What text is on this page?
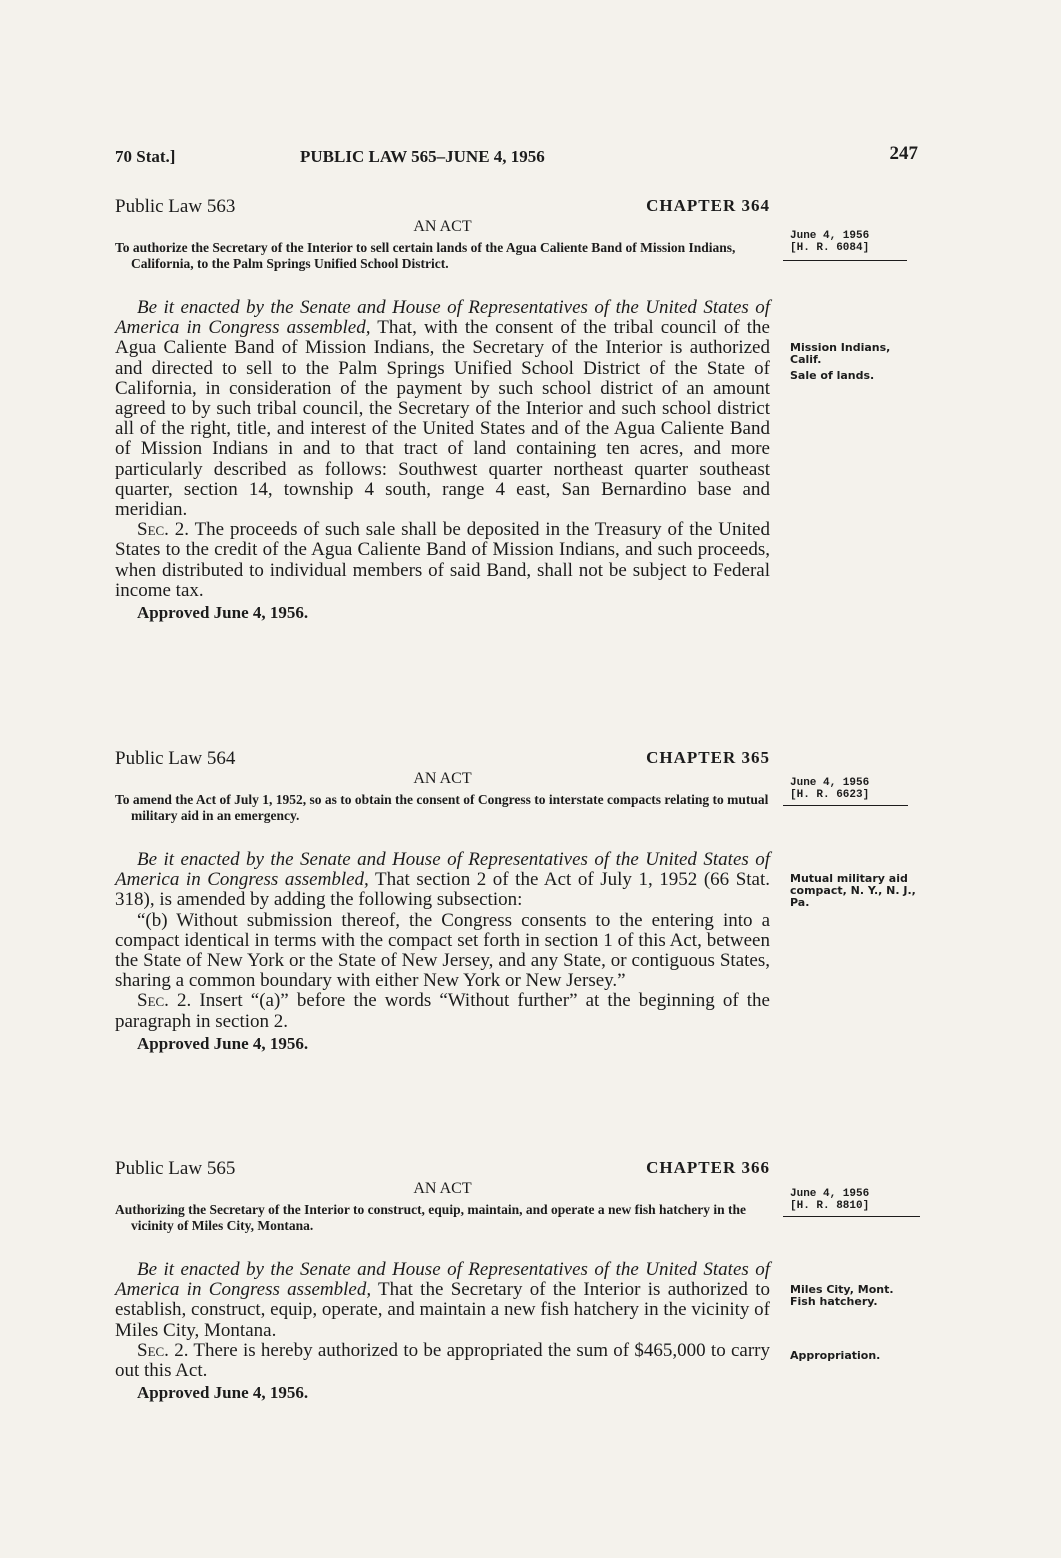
70 Stat.]	PUBLIC LAW 565–JUNE 4, 1956	247
Public Law 563	CHAPTER 364
AN ACT
To authorize the Secretary of the Interior to sell certain lands of the Agua Caliente Band of Mission Indians, California, to the Palm Springs Unified School District.

Be it enacted by the Senate and House of Representatives of the United States of America in Congress assembled, That, with the consent of the tribal council of the Agua Caliente Band of Mission Indians, the Secretary of the Interior is authorized and directed to sell to the Palm Springs Unified School District of the State of California, in consideration of the payment by such school district of an amount agreed to by such tribal council, the Secretary of the Interior and such school district all of the right, title, and interest of the United States and of the Agua Caliente Band of Mission Indians in and to that tract of land containing ten acres, and more particularly described as follows: Southwest quarter northeast quarter southeast quarter, section 14, township 4 south, range 4 east, San Bernardino base and meridian.

Sec. 2. The proceeds of such sale shall be deposited in the Treasury of the United States to the credit of the Agua Caliente Band of Mission Indians, and such proceeds, when distributed to individual members of said Band, shall not be subject to Federal income tax.

Approved June 4, 1956.
June 4, 1956
[H. R. 6084]
Mission Indians, Calif.
Sale of lands.
Public Law 564	CHAPTER 365
AN ACT
To amend the Act of July 1, 1952, so as to obtain the consent of Congress to interstate compacts relating to mutual military aid in an emergency.

Be it enacted by the Senate and House of Representatives of the United States of America in Congress assembled, That section 2 of the Act of July 1, 1952 (66 Stat. 318), is amended by adding the following subsection:

“(b) Without submission thereof, the Congress consents to the entering into a compact identical in terms with the compact set forth in section 1 of this Act, between the State of New York or the State of New Jersey, and any State, or contiguous States, sharing a common boundary with either New York or New Jersey.”

Sec. 2. Insert “(a)” before the words “Without further” at the beginning of the paragraph in section 2.

Approved June 4, 1956.
June 4, 1956
[H. R. 6623]
Mutual military aid compact, N. Y., N. J., Pa.
Public Law 565	CHAPTER 366
AN ACT
Authorizing the Secretary of the Interior to construct, equip, maintain, and operate a new fish hatchery in the vicinity of Miles City, Montana.

Be it enacted by the Senate and House of Representatives of the United States of America in Congress assembled, That the Secretary of the Interior is authorized to establish, construct, equip, operate, and maintain a new fish hatchery in the vicinity of Miles City, Montana.

Sec. 2. There is hereby authorized to be appropriated the sum of $465,000 to carry out this Act.

Approved June 4, 1956.
June 4, 1956
[H. R. 8810]
Miles City, Mont. Fish hatchery.
Appropriation.
